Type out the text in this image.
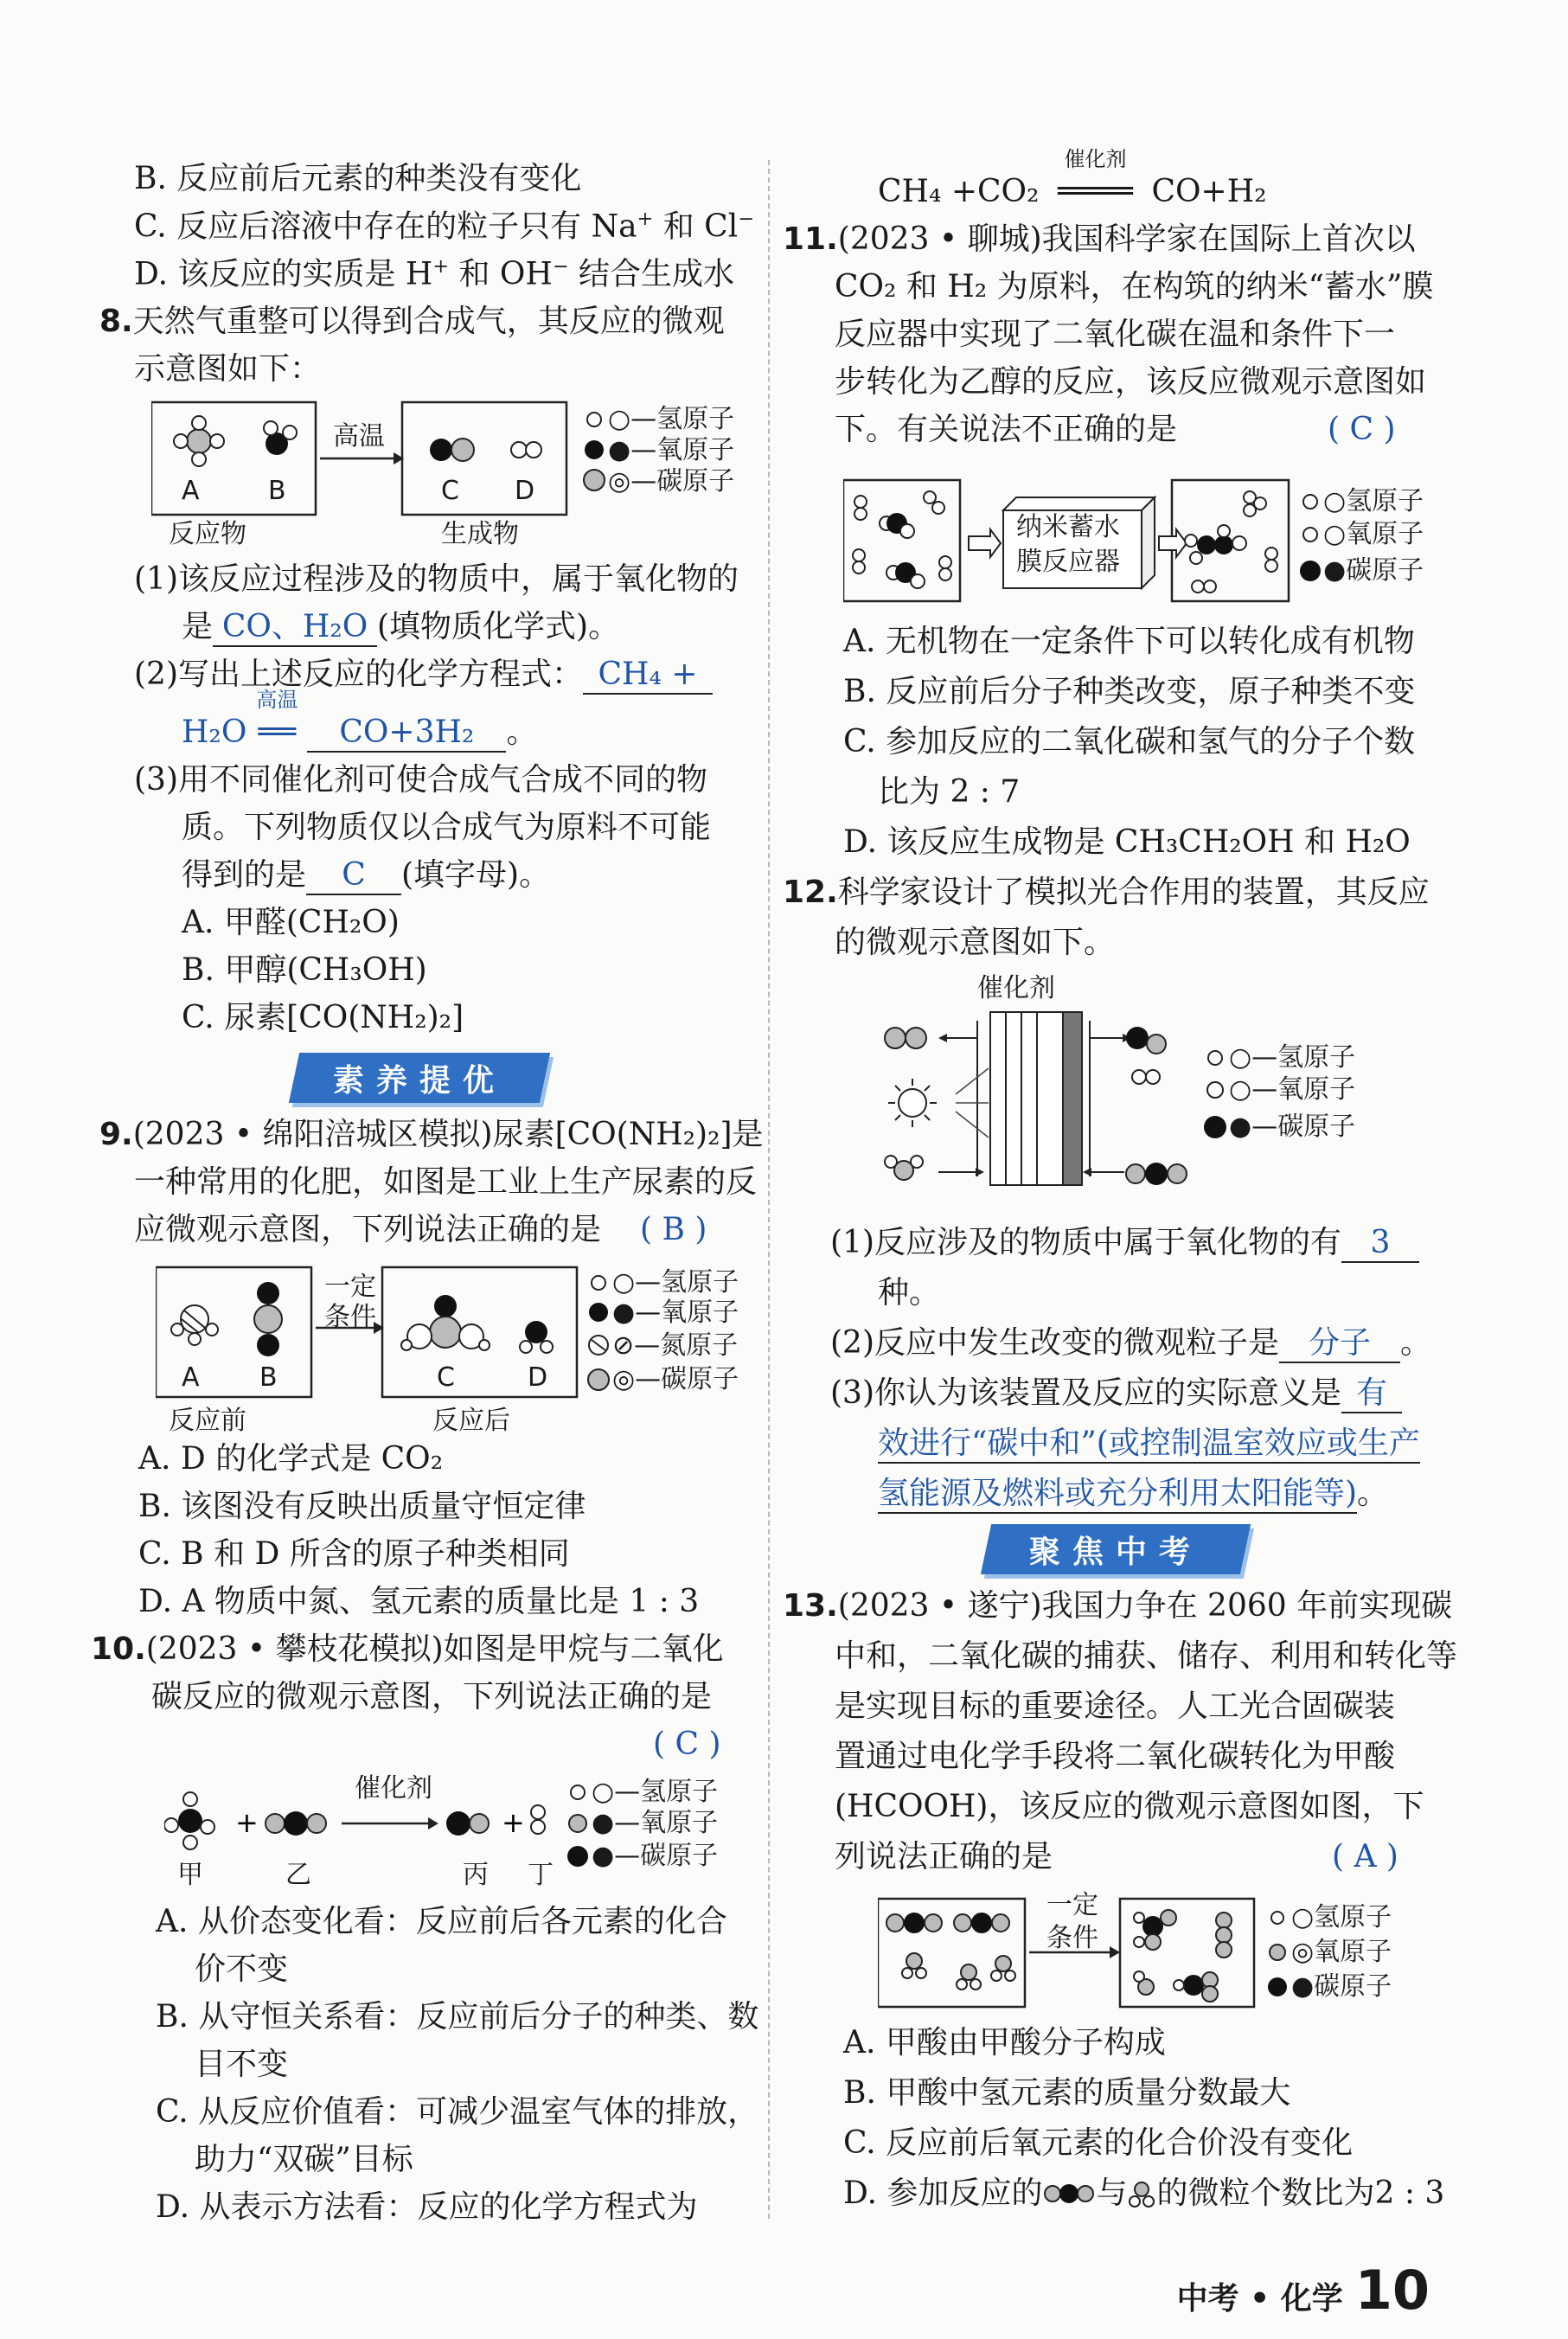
B. 反应前后元素的种类没有变化
C. 反应后溶液中存在的粒子只有 Na+ 和 Cl−
D. 该反应的实质是 H+ 和 OH− 结合生成水
8.天然气重整可以得到合成气，其反应的微观
示意图如下：
高温
A	B	C D
反应物	生成物
○—氢原子
●—氧原子
◎—碳原子
(1)该反应过程涉及的物质中，属于氧化物的
是 CO、H₂O (填物质化学式)。
(2)写出上述反应的化学方程式： CH₄ +
H₂O
高温
══ CO+3H₂ 。
(3)用不同催化剂可使合成气合成不同的物
质。下列物质仅以合成气为原料不可能
得到的是 C (填字母)。
A. 甲醛(CH₂O)
B. 甲醇(CH₃OH)
C. 尿素[CO(NH₂)₂]
素养提优
9.(2023 • 绵阳涪城区模拟)尿素[CO(NH₂)₂]是
一种常用的化肥，如图是工业上生产尿素的反
应微观示意图，下列说法正确的是 ( B )
一定
条件
A B	C	D
反应前	反应后
○—氢原子
●—氧原子
⊘—氮原子
◎—碳原子
A. D 的化学式是 CO₂
B. 该图没有反映出质量守恒定律
C. B 和 D 所含的原子种类相同
D. A 物质中氮、氢元素的质量比是 1 : 3
10.(2023 • 攀枝花模拟)如图是甲烷与二氧化
碳反应的微观示意图，下列说法正确的是
( C )
+	+
催化剂
甲	乙	丙 丁
○—氢原子
●—氧原子
●—碳原子
A. 从价态变化看：反应前后各元素的化合
价不变
B. 从守恒关系看：反应前后分子的种类、数
目不变
C. 从反应价值看：可减少温室气体的排放，
助力“双碳”目标
D. 从表示方法看：反应的化学方程式为
CH₄ +CO₂
催化剂
════ CO+H₂
11.(2023 • 聊城)我国科学家在国际上首次以
CO₂ 和 H₂ 为原料，在构筑的纳米“蓄水”膜
反应器中实现了二氧化碳在温和条件下一
步转化为乙醇的反应，该反应微观示意图如
下。有关说法不正确的是	( C )
纳米蓄水
膜反应器
○氢原子
○氧原子
●碳原子
A. 无机物在一定条件下可以转化成有机物
B. 反应前后分子种类改变，原子种类不变
C. 参加反应的二氧化碳和氢气的分子个数
比为 2 : 7
D. 该反应生成物是 CH₃CH₂OH 和 H₂O
12.科学家设计了模拟光合作用的装置，其反应
的微观示意图如下。
催化剂
○—氢原子
○—氧原子
●—碳原子
(1)反应涉及的物质中属于氧化物的有 3
种。
(2)反应中发生改变的微观粒子是 分子 。
(3)你认为该装置及反应的实际意义是 有
效进行“碳中和”(或控制温室效应或生产
氢能源及燃料或充分利用太阳能等)。
聚焦中考
13.(2023 • 遂宁)我国力争在 2060 年前实现碳
中和，二氧化碳的捕获、储存、利用和转化等
是实现目标的重要途径。人工光合固碳装
置通过电化学手段将二氧化碳转化为甲酸
(HCOOH)，该反应的微观示意图如图，下
列说法正确的是	( A )
一定
条件
○氢原子
◎氧原子
●碳原子
A. 甲酸由甲酸分子构成
B. 甲酸中氢元素的质量分数最大
C. 反应前后氧元素的化合价没有变化
D. 参加反应的 与 的微粒个数比为2 : 3
中考 • 化学 10
